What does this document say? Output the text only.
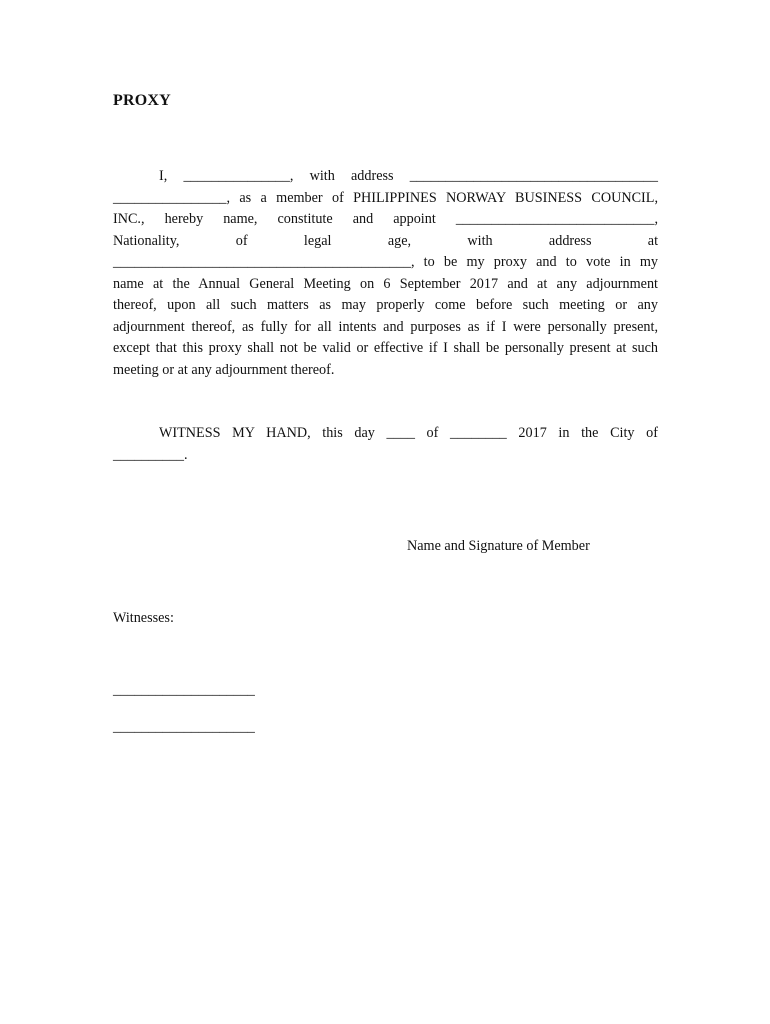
PROXY
I, _______________, with address ___________________________________
________________, as a member of PHILIPPINES NORWAY BUSINESS COUNCIL,
INC., hereby name, constitute and appoint ____________________________,
Nationality,	of	legal	age,	with	address	at
__________________________________________, to be my proxy and to vote in my
name at the Annual General Meeting on 6 September 2017 and at any adjournment
thereof, upon all such matters as may properly come before such meeting or any
adjournment thereof, as fully for all intents and purposes as if I were personally present,
except that this proxy shall not be valid or effective if I shall be personally present at such
meeting or at any adjournment thereof.
WITNESS MY HAND, this day ____ of ________ 2017 in the City of
__________.

Name and Signature of Member

Witnesses:

____________________

____________________
